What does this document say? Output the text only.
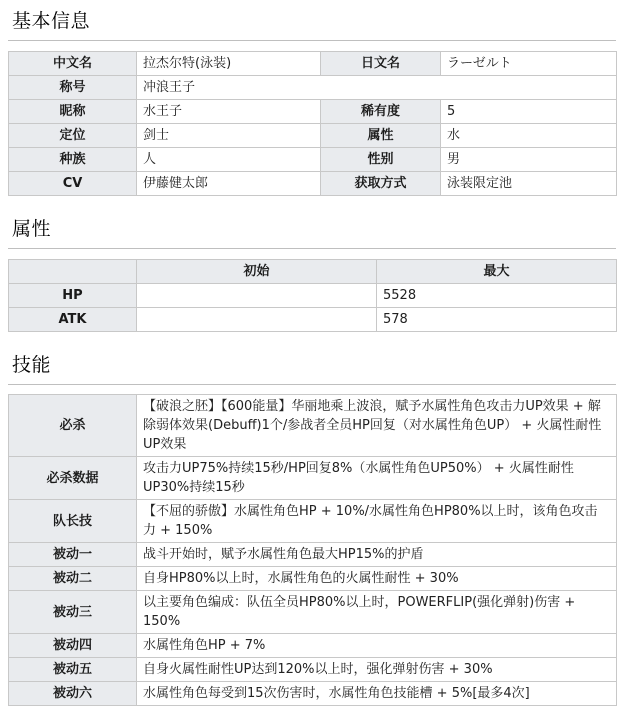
基本信息
中文名	拉杰尔特(泳装)	日文名	ラーゼルト
称号	冲浪王子		
昵称	水王子	稀有度	5
定位	剑士	属性	水
种族	人	性别	男
CV	伊藤健太郎	获取方式	泳装限定池
属性
	初始	最大
HP		5528
ATK		578
技能
必杀	【破浪之胚】【600能量】华丽地乘上波浪，赋予水属性角色攻击力UP效果 + 解除弱体效果(Debuff)1个/参战者全员HP回复（对水属性角色UP） + 火属性耐性UP效果
必杀数据	攻击力UP75%持续15秒/HP回复8%（水属性角色UP50%） + 火属性耐性UP30%持续15秒
队长技	【不屈的骄傲】水属性角色HP + 10%/水属性角色HP80%以上时，该角色攻击力 + 150%
被动一	战斗开始时，赋予水属性角色最大HP15%的护盾
被动二	自身HP80%以上时，水属性角色的火属性耐性 + 30%
被动三	以主要角色编成：队伍全员HP80%以上时，POWERFLIP(强化弹射)伤害 + 150%
被动四	水属性角色HP + 7%
被动五	自身火属性耐性UP达到120%以上时，强化弹射伤害 + 30%
被动六	水属性角色每受到15次伤害时，水属性角色技能槽 + 5%[最多4次]
